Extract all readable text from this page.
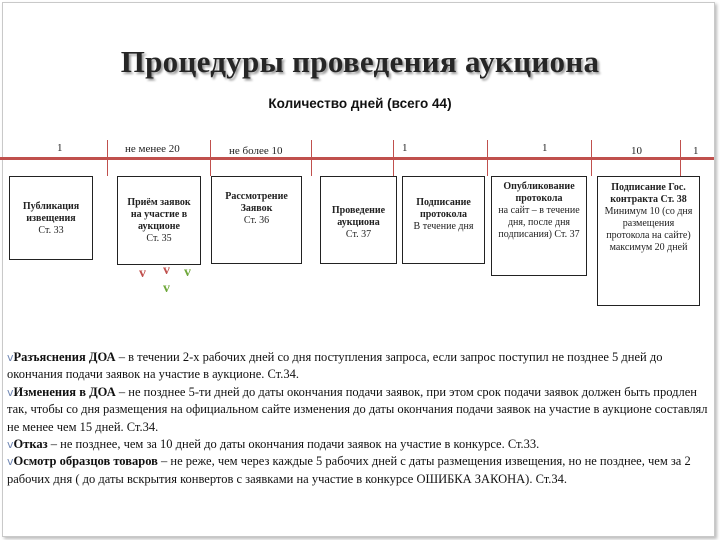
Процедуры проведения аукциона
Количество дней (всего 44)
1	не менее 20	не более 10	1	1	10	1
Публикация извещения
Ст. 33
Приём заявок на участие в аукционе
Ст. 35
v v v
v
Рассмотрение Заявок
Ст. 36
Проведение аукциона
Ст. 37
Подписание протокола
В течение дня
Опубликование протокола
на сайт – в течение дня, после дня подписания) Ст. 37
Подписание Гос. контракта Ст. 38
Минимум 10 (со дня размещения протокола на сайте) максимум 20 дней

vРазъяснения ДОА – в течении 2-х рабочих дней со дня поступления запроса, если запрос поступил не позднее 5 дней до окончания подачи заявок на участие в аукционе. Ст.34.

vИзменения в ДОА – не позднее 5-ти дней до даты окончания подачи заявок, при этом срок подачи заявок должен быть продлен так, чтобы со дня размещения на официальном сайте изменения до даты окончания подачи заявок на участие в аукционе составлял не менее чем 15 дней. Ст.34.

vОтказ – не позднее, чем за 10 дней до даты окончания подачи заявок на участие в конкурсе. Ст.33.

vОсмотр образцов товаров – не реже, чем через каждые 5 рабочих дней с даты размещения извещения, но не позднее, чем за 2 рабочих дня ( до даты вскрытия конвертов с заявками на участие в конкурсе ОШИБКА ЗАКОНА). Ст.34.
